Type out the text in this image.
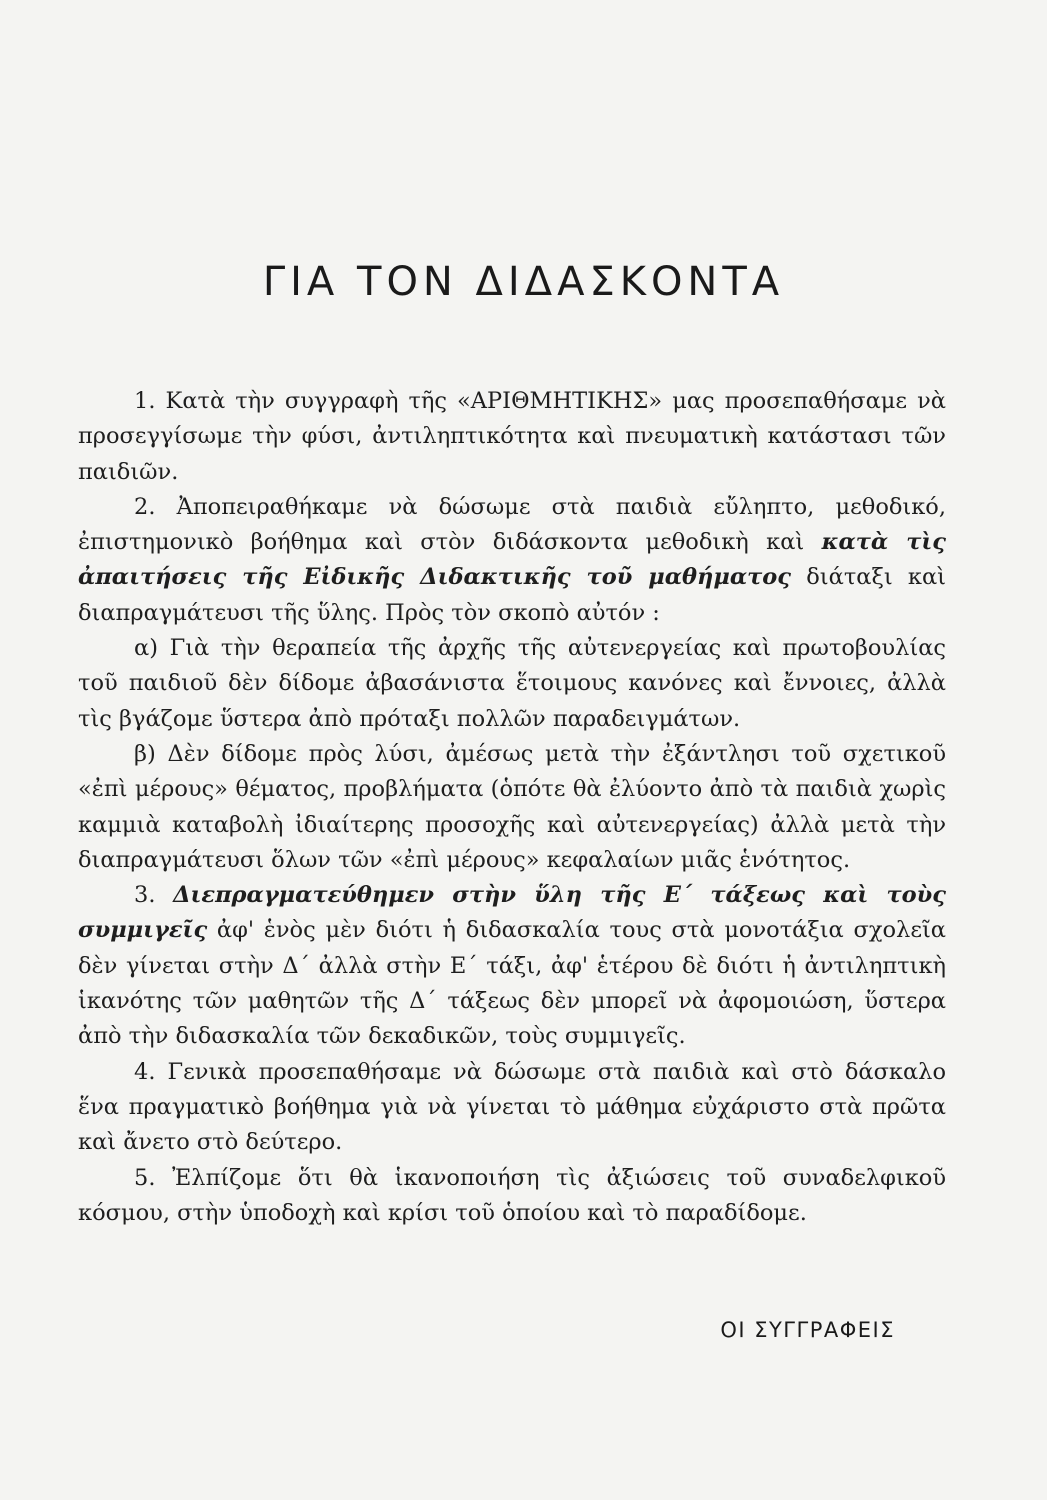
ΓΙΑ ΤΟΝ ΔΙΔΑΣΚΟΝΤΑ

1. Κατὰ τὴν συγγραφὴ τῆς «ΑΡΙΘΜΗΤΙΚΗΣ» μας προσεπαθήσαμε νὰ προσεγγίσωμε τὴν φύσι, ἀντιληπτικότητα καὶ πνευματικὴ κατάστασι τῶν παιδιῶν.

2. Ἀποπειραθήκαμε νὰ δώσωμε στὰ παιδιὰ εὔληπτο, μεθοδικό, ἐπιστημονικὸ βοήθημα καὶ στὸν διδάσκοντα μεθοδικὴ καὶ κατὰ τὶς ἀπαιτήσεις τῆς Εἰδικῆς Διδακτικῆς τοῦ μαθήματος διάταξι καὶ διαπραγμάτευσι τῆς ὕλης. Πρὸς τὸν σκοπὸ αὐτόν :

α) Γιὰ τὴν θεραπεία τῆς ἀρχῆς τῆς αὐτενεργείας καὶ πρωτοβουλίας τοῦ παιδιοῦ δὲν δίδομε ἀβασάνιστα ἕτοιμους κανόνες καὶ ἔννοιες, ἀλλὰ τὶς βγάζομε ὕστερα ἀπὸ πρόταξι πολλῶν παραδειγμάτων.

β) Δὲν δίδομε πρὸς λύσι, ἀμέσως μετὰ τὴν ἐξάντλησι τοῦ σχετικοῦ «ἐπὶ μέρους» θέματος, προβλήματα (ὁπότε θὰ ἐλύοντο ἀπὸ τὰ παιδιὰ χωρὶς καμμιὰ καταβολὴ ἰδιαίτερης προσοχῆς καὶ αὐτενεργείας) ἀλλὰ μετὰ τὴν διαπραγμάτευσι ὅλων τῶν «ἐπὶ μέρους» κεφαλαίων μιᾶς ἑνότητος.

3. Διεπραγματεύθημεν στὴν ὕλη τῆς Ε΄ τάξεως καὶ τοὺς συμμιγεῖς ἀφ' ἑνὸς μὲν διότι ἡ διδασκαλία τους στὰ μονοτάξια σχολεῖα δὲν γίνεται στὴν Δ΄ ἀλλὰ στὴν Ε΄ τάξι, ἀφ' ἑτέρου δὲ διότι ἡ ἀντιληπτικὴ ἱκανότης τῶν μαθητῶν τῆς Δ΄ τάξεως δὲν μπορεῖ νὰ ἀφομοιώση, ὕστερα ἀπὸ τὴν διδασκαλία τῶν δεκαδικῶν, τοὺς συμμιγεῖς.

4. Γενικὰ προσεπαθήσαμε νὰ δώσωμε στὰ παιδιὰ καὶ στὸ δάσκαλο ἕνα πραγματικὸ βοήθημα γιὰ νὰ γίνεται τὸ μάθημα εὐχάριστο στὰ πρῶτα καὶ ἄνετο στὸ δεύτερο.

5. Ἐλπίζομε ὅτι θὰ ἱκανοποιήση τὶς ἀξιώσεις τοῦ συναδελφικοῦ κόσμου, στὴν ὑποδοχὴ καὶ κρίσι τοῦ ὁποίου καὶ τὸ παραδίδομε.

ΟΙ ΣΥΓΓΡΑΦΕΙΣ
